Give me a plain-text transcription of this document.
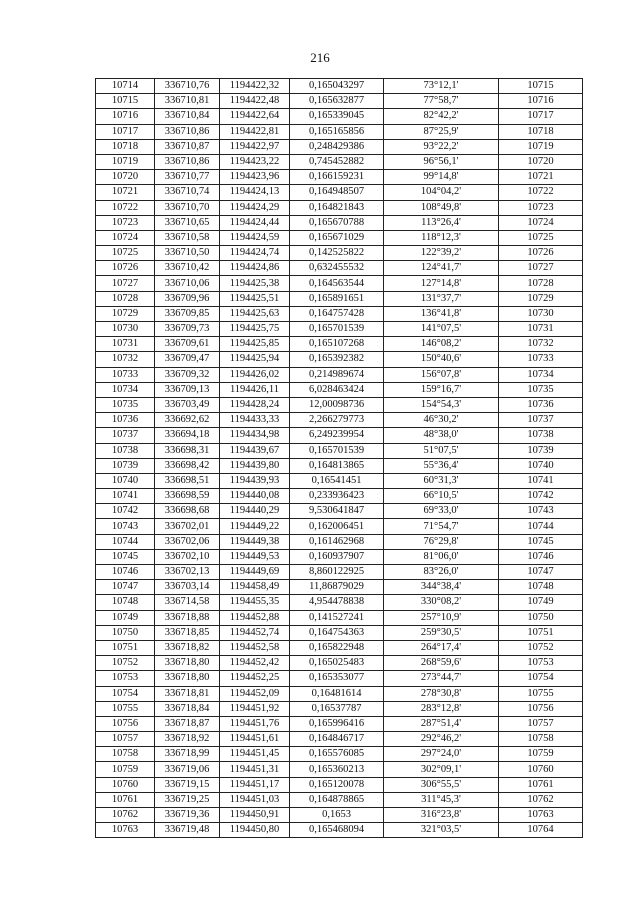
216
10714	336710,76	1194422,32	0,165043297	73°12,1'	10715
10715	336710,81	1194422,48	0,165632877	77°58,7'	10716
10716	336710,84	1194422,64	0,165339045	82°42,2'	10717
10717	336710,86	1194422,81	0,165165856	87°25,9'	10718
10718	336710,87	1194422,97	0,248429386	93°22,2'	10719
10719	336710,86	1194423,22	0,745452882	96°56,1'	10720
10720	336710,77	1194423,96	0,166159231	99°14,8'	10721
10721	336710,74	1194424,13	0,164948507	104°04,2'	10722
10722	336710,70	1194424,29	0,164821843	108°49,8'	10723
10723	336710,65	1194424,44	0,165670788	113°26,4'	10724
10724	336710,58	1194424,59	0,165671029	118°12,3'	10725
10725	336710,50	1194424,74	0,142525822	122°39,2'	10726
10726	336710,42	1194424,86	0,632455532	124°41,7'	10727
10727	336710,06	1194425,38	0,164563544	127°14,8'	10728
10728	336709,96	1194425,51	0,165891651	131°37,7'	10729
10729	336709,85	1194425,63	0,164757428	136°41,8'	10730
10730	336709,73	1194425,75	0,165701539	141°07,5'	10731
10731	336709,61	1194425,85	0,165107268	146°08,2'	10732
10732	336709,47	1194425,94	0,165392382	150°40,6'	10733
10733	336709,32	1194426,02	0,214989674	156°07,8'	10734
10734	336709,13	1194426,11	6,028463424	159°16,7'	10735
10735	336703,49	1194428,24	12,00098736	154°54,3'	10736
10736	336692,62	1194433,33	2,266279773	46°30,2'	10737
10737	336694,18	1194434,98	6,249239954	48°38,0'	10738
10738	336698,31	1194439,67	0,165701539	51°07,5'	10739
10739	336698,42	1194439,80	0,164813865	55°36,4'	10740
10740	336698,51	1194439,93	0,16541451	60°31,3'	10741
10741	336698,59	1194440,08	0,233936423	66°10,5'	10742
10742	336698,68	1194440,29	9,530641847	69°33,0'	10743
10743	336702,01	1194449,22	0,162006451	71°54,7'	10744
10744	336702,06	1194449,38	0,161462968	76°29,8'	10745
10745	336702,10	1194449,53	0,160937907	81°06,0'	10746
10746	336702,13	1194449,69	8,860122925	83°26,0'	10747
10747	336703,14	1194458,49	11,86879029	344°38,4'	10748
10748	336714,58	1194455,35	4,954478838	330°08,2'	10749
10749	336718,88	1194452,88	0,141527241	257°10,9'	10750
10750	336718,85	1194452,74	0,164754363	259°30,5'	10751
10751	336718,82	1194452,58	0,165822948	264°17,4'	10752
10752	336718,80	1194452,42	0,165025483	268°59,6'	10753
10753	336718,80	1194452,25	0,165353077	273°44,7'	10754
10754	336718,81	1194452,09	0,16481614	278°30,8'	10755
10755	336718,84	1194451,92	0,16537787	283°12,8'	10756
10756	336718,87	1194451,76	0,165996416	287°51,4'	10757
10757	336718,92	1194451,61	0,164846717	292°46,2'	10758
10758	336718,99	1194451,45	0,165576085	297°24,0'	10759
10759	336719,06	1194451,31	0,165360213	302°09,1'	10760
10760	336719,15	1194451,17	0,165120078	306°55,5'	10761
10761	336719,25	1194451,03	0,164878865	311°45,3'	10762
10762	336719,36	1194450,91	0,1653	316°23,8'	10763
10763	336719,48	1194450,80	0,165468094	321°03,5'	10764
